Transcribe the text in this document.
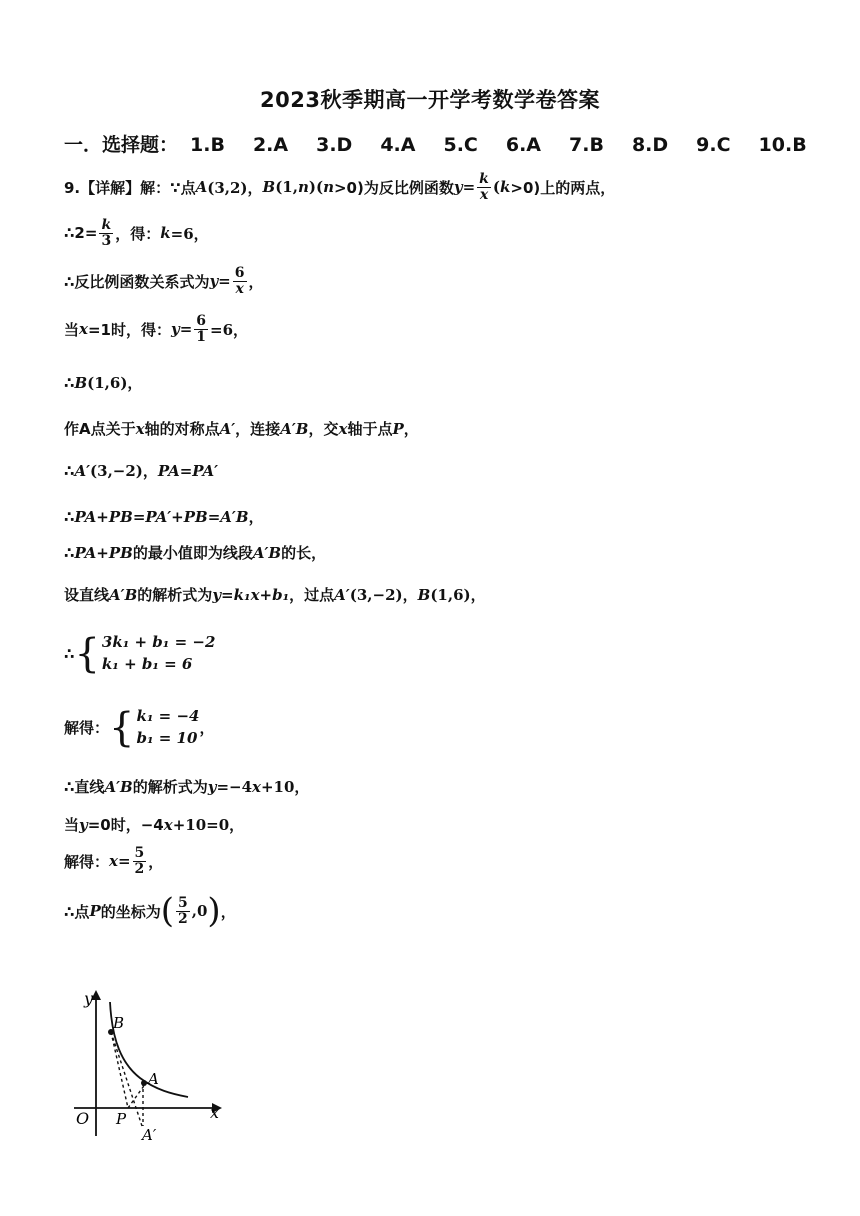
2023秋季期高一开学考数学卷答案
一．选择题： 1.B 2.A 3.D 4.A 5.C 6.A 7.B 8.D 9.C 10.B
9.【详解】解：∵点 A (3,2)， B (1, n )( n >0)为反比例函数 $y = \frac{k}{x}$ ( k >0)上的两点，
∴2= $\frac{k}{3}$ ，得： k =6，
∴反比例函数关系式为 $y = \frac{6}{x}$ ，
当 x =1时，得： $y = \frac{6}{1} =6$，
∴ B (1,6)，
作A点关于 x 轴的对称点 A′ ，连接 A′B ，交 x 轴于点 P ，
∴ A′ (3,−2)， PA = PA′
∴ PA + PB = PA′ + PB = A′B ，
∴ PA + PB 的最小值即为线段 A′B 的长，
设直线 A′B 的解析式为 y = k₁x + b₁ ，过点 A′ (3,−2)， B (1,6)，
∴ { 3k₁ + b₁ = −2
k₁ + b₁ = 6
解得： { k₁ = −4
b₁ = 10
，
∴直线 A′B 的解析式为 y =−4 x +10，
当 y =0时，−4 x +10=0，
解得： $x = \frac{5}{2}$ ，
∴点 P 的坐标为 ( $\frac{5}{2} ,0$ ) ，
y
x
O
B
A
P
A′
